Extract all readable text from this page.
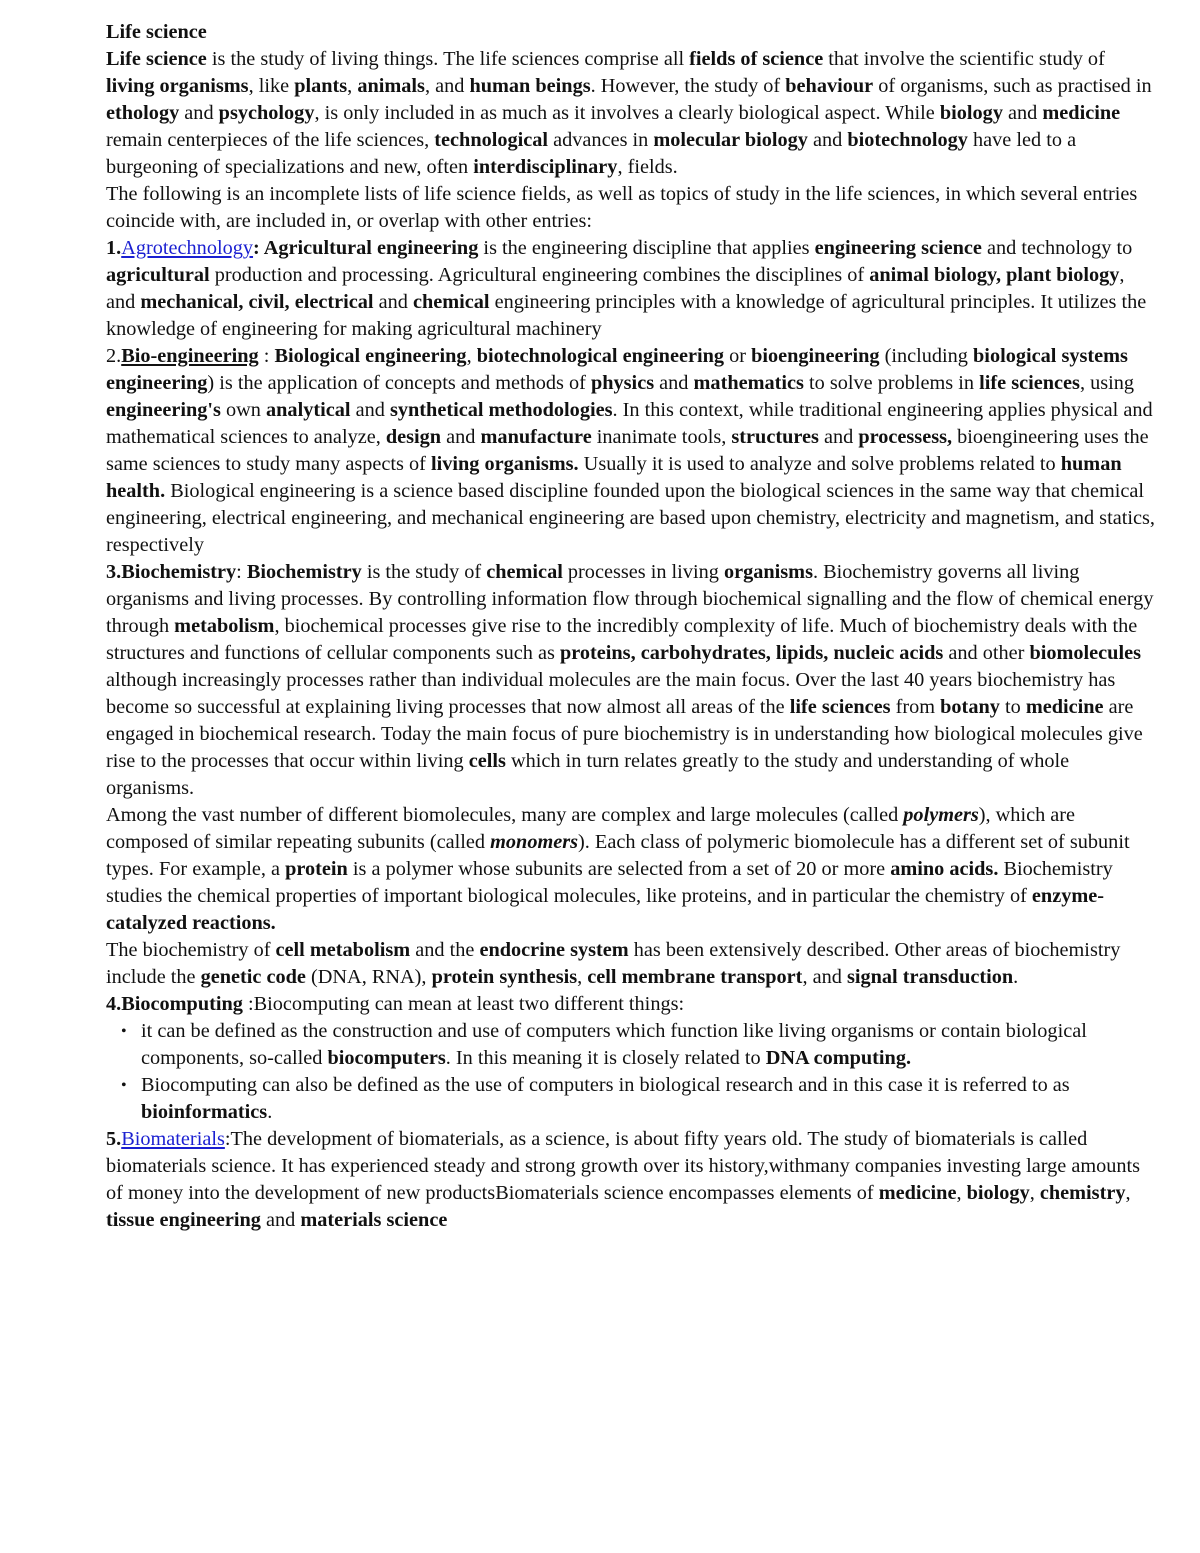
Life science

Life science is the study of living things. The life sciences comprise all fields of science that involve the scientific study of living organisms, like plants, animals, and human beings. However, the study of behaviour of organisms, such as practised in ethology and psychology, is only included in as much as it involves a clearly biological aspect. While biology and medicine remain centerpieces of the life sciences, technological advances in molecular biology and biotechnology have led to a burgeoning of specializations and new, often interdisciplinary, fields.

The following is an incomplete lists of life science fields, as well as topics of study in the life sciences, in which several entries coincide with, are included in, or overlap with other entries:

1.Agrotechnology: Agricultural engineering is the engineering discipline that applies engineering science and technology to agricultural production and processing. Agricultural engineering combines the disciplines of animal biology, plant biology, and mechanical, civil, electrical and chemical engineering principles with a knowledge of agricultural principles. It utilizes the knowledge of engineering for making agricultural machinery

2.Bio-engineering : Biological engineering, biotechnological engineering or bioengineering (including biological systems engineering) is the application of concepts and methods of physics and mathematics to solve problems in life sciences, using engineering's own analytical and synthetical methodologies. In this context, while traditional engineering applies physical and mathematical sciences to analyze, design and manufacture inanimate tools, structures and processess, bioengineering uses the same sciences to study many aspects of living organisms. Usually it is used to analyze and solve problems related to human health. Biological engineering is a science based discipline founded upon the biological sciences in the same way that chemical engineering, electrical engineering, and mechanical engineering are based upon chemistry, electricity and magnetism, and statics, respectively

3.Biochemistry: Biochemistry is the study of chemical processes in living organisms. Biochemistry governs all living organisms and living processes. By controlling information flow through biochemical signalling and the flow of chemical energy through metabolism, biochemical processes give rise to the incredibly complexity of life. Much of biochemistry deals with the structures and functions of cellular components such as proteins, carbohydrates, lipids, nucleic acids and other biomolecules although increasingly processes rather than individual molecules are the main focus. Over the last 40 years biochemistry has become so successful at explaining living processes that now almost all areas of the life sciences from botany to medicine are engaged in biochemical research. Today the main focus of pure biochemistry is in understanding how biological molecules give rise to the processes that occur within living cells which in turn relates greatly to the study and understanding of whole organisms.

Among the vast number of different biomolecules, many are complex and large molecules (called polymers), which are composed of similar repeating subunits (called monomers). Each class of polymeric biomolecule has a different set of subunit types. For example, a protein is a polymer whose subunits are selected from a set of 20 or more amino acids. Biochemistry studies the chemical properties of important biological molecules, like proteins, and in particular the chemistry of enzyme-catalyzed reactions.

The biochemistry of cell metabolism and the endocrine system has been extensively described. Other areas of biochemistry include the genetic code (DNA, RNA), protein synthesis, cell membrane transport, and signal transduction.

4.Biocomputing :Biocomputing can mean at least two different things:

• it can be defined as the construction and use of computers which function like living organisms or contain biological components, so-called biocomputers. In this meaning it is closely related to DNA computing.
• Biocomputing can also be defined as the use of computers in biological research and in this case it is referred to as bioinformatics.

5.Biomaterials:The development of biomaterials, as a science, is about fifty years old. The study of biomaterials is called biomaterials science. It has experienced steady and strong growth over its history,withmany companies investing large amounts of money into the development of new productsBiomaterials science encompasses elements of medicine, biology, chemistry, tissue engineering and materials science
